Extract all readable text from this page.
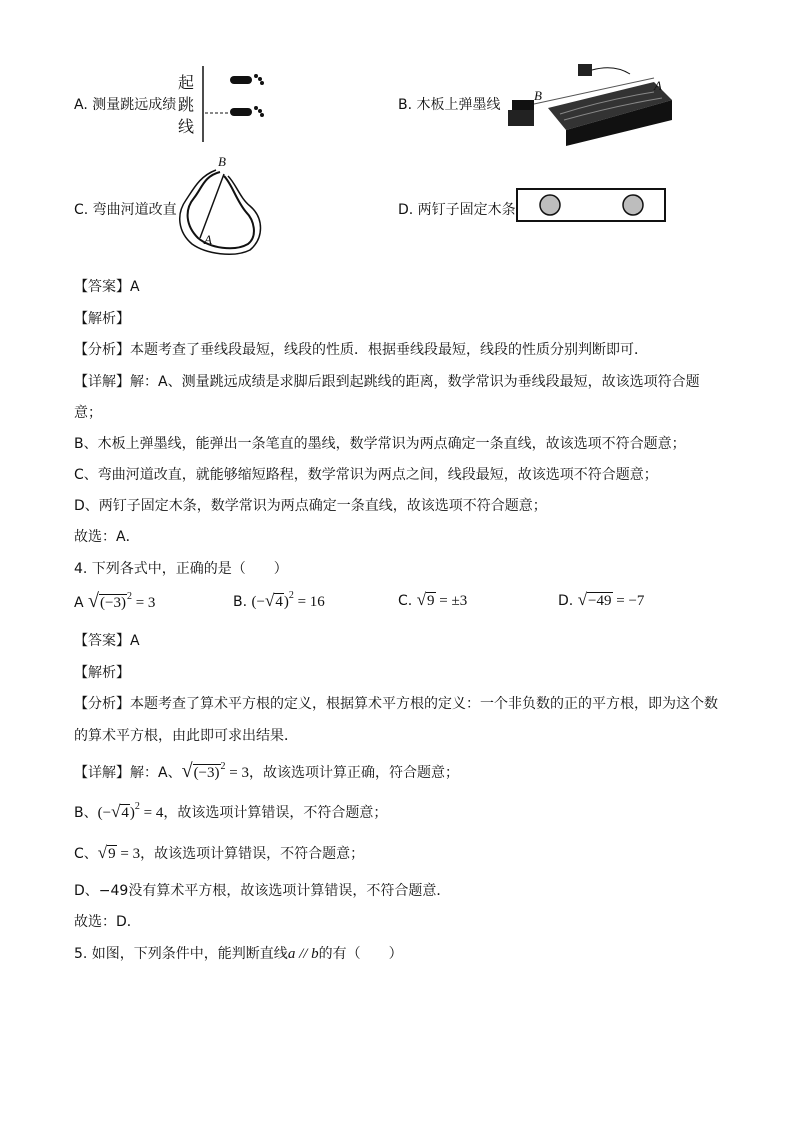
A. 测量跳远成绩
起
跳
线
B. 木板上弹墨线
B
A
C. 弯曲河道改直
B
A
D. 两钉子固定木条
【答案】A
【解析】
【分析】本题考查了垂线段最短，线段的性质．根据垂线段最短，线段的性质分别判断即可．
【详解】解：A、测量跳远成绩是求脚后跟到起跳线的距离，数学常识为垂线段最短，故该选项符合题
意；
B、木板上弹墨线，能弹出一条笔直的墨线，数学常识为两点确定一条直线，故该选项不符合题意；
C、弯曲河道改直，就能够缩短路程，数学常识为两点之间，线段最短，故该选项不符合题意；
D、两钉子固定木条，数学常识为两点确定一条直线，故该选项不符合题意；
故选：A．
4. 下列各式中，正确的是（　　）
A $√(-3)^2 = 3$	B. $(-√4)^2 = 16$	C. √9 = ±3	D. √−49 = −7
【答案】A
【解析】
【分析】本题考查了算术平方根的定义，根据算术平方根的定义：一个非负数的正的平方根，即为这个数
的算术平方根，由此即可求出结果．
【详解】解：A、$√(-3)^2 = 3$，故该选项计算正确，符合题意；
B、$(-√4)^2 = 4$，故该选项计算错误，不符合题意；
C、√9 = 3，故该选项计算错误，不符合题意；
D、−49没有算术平方根，故该选项计算错误，不符合题意．
故选：D．
5. 如图，下列条件中，能判断直线a // b的有（　　）
